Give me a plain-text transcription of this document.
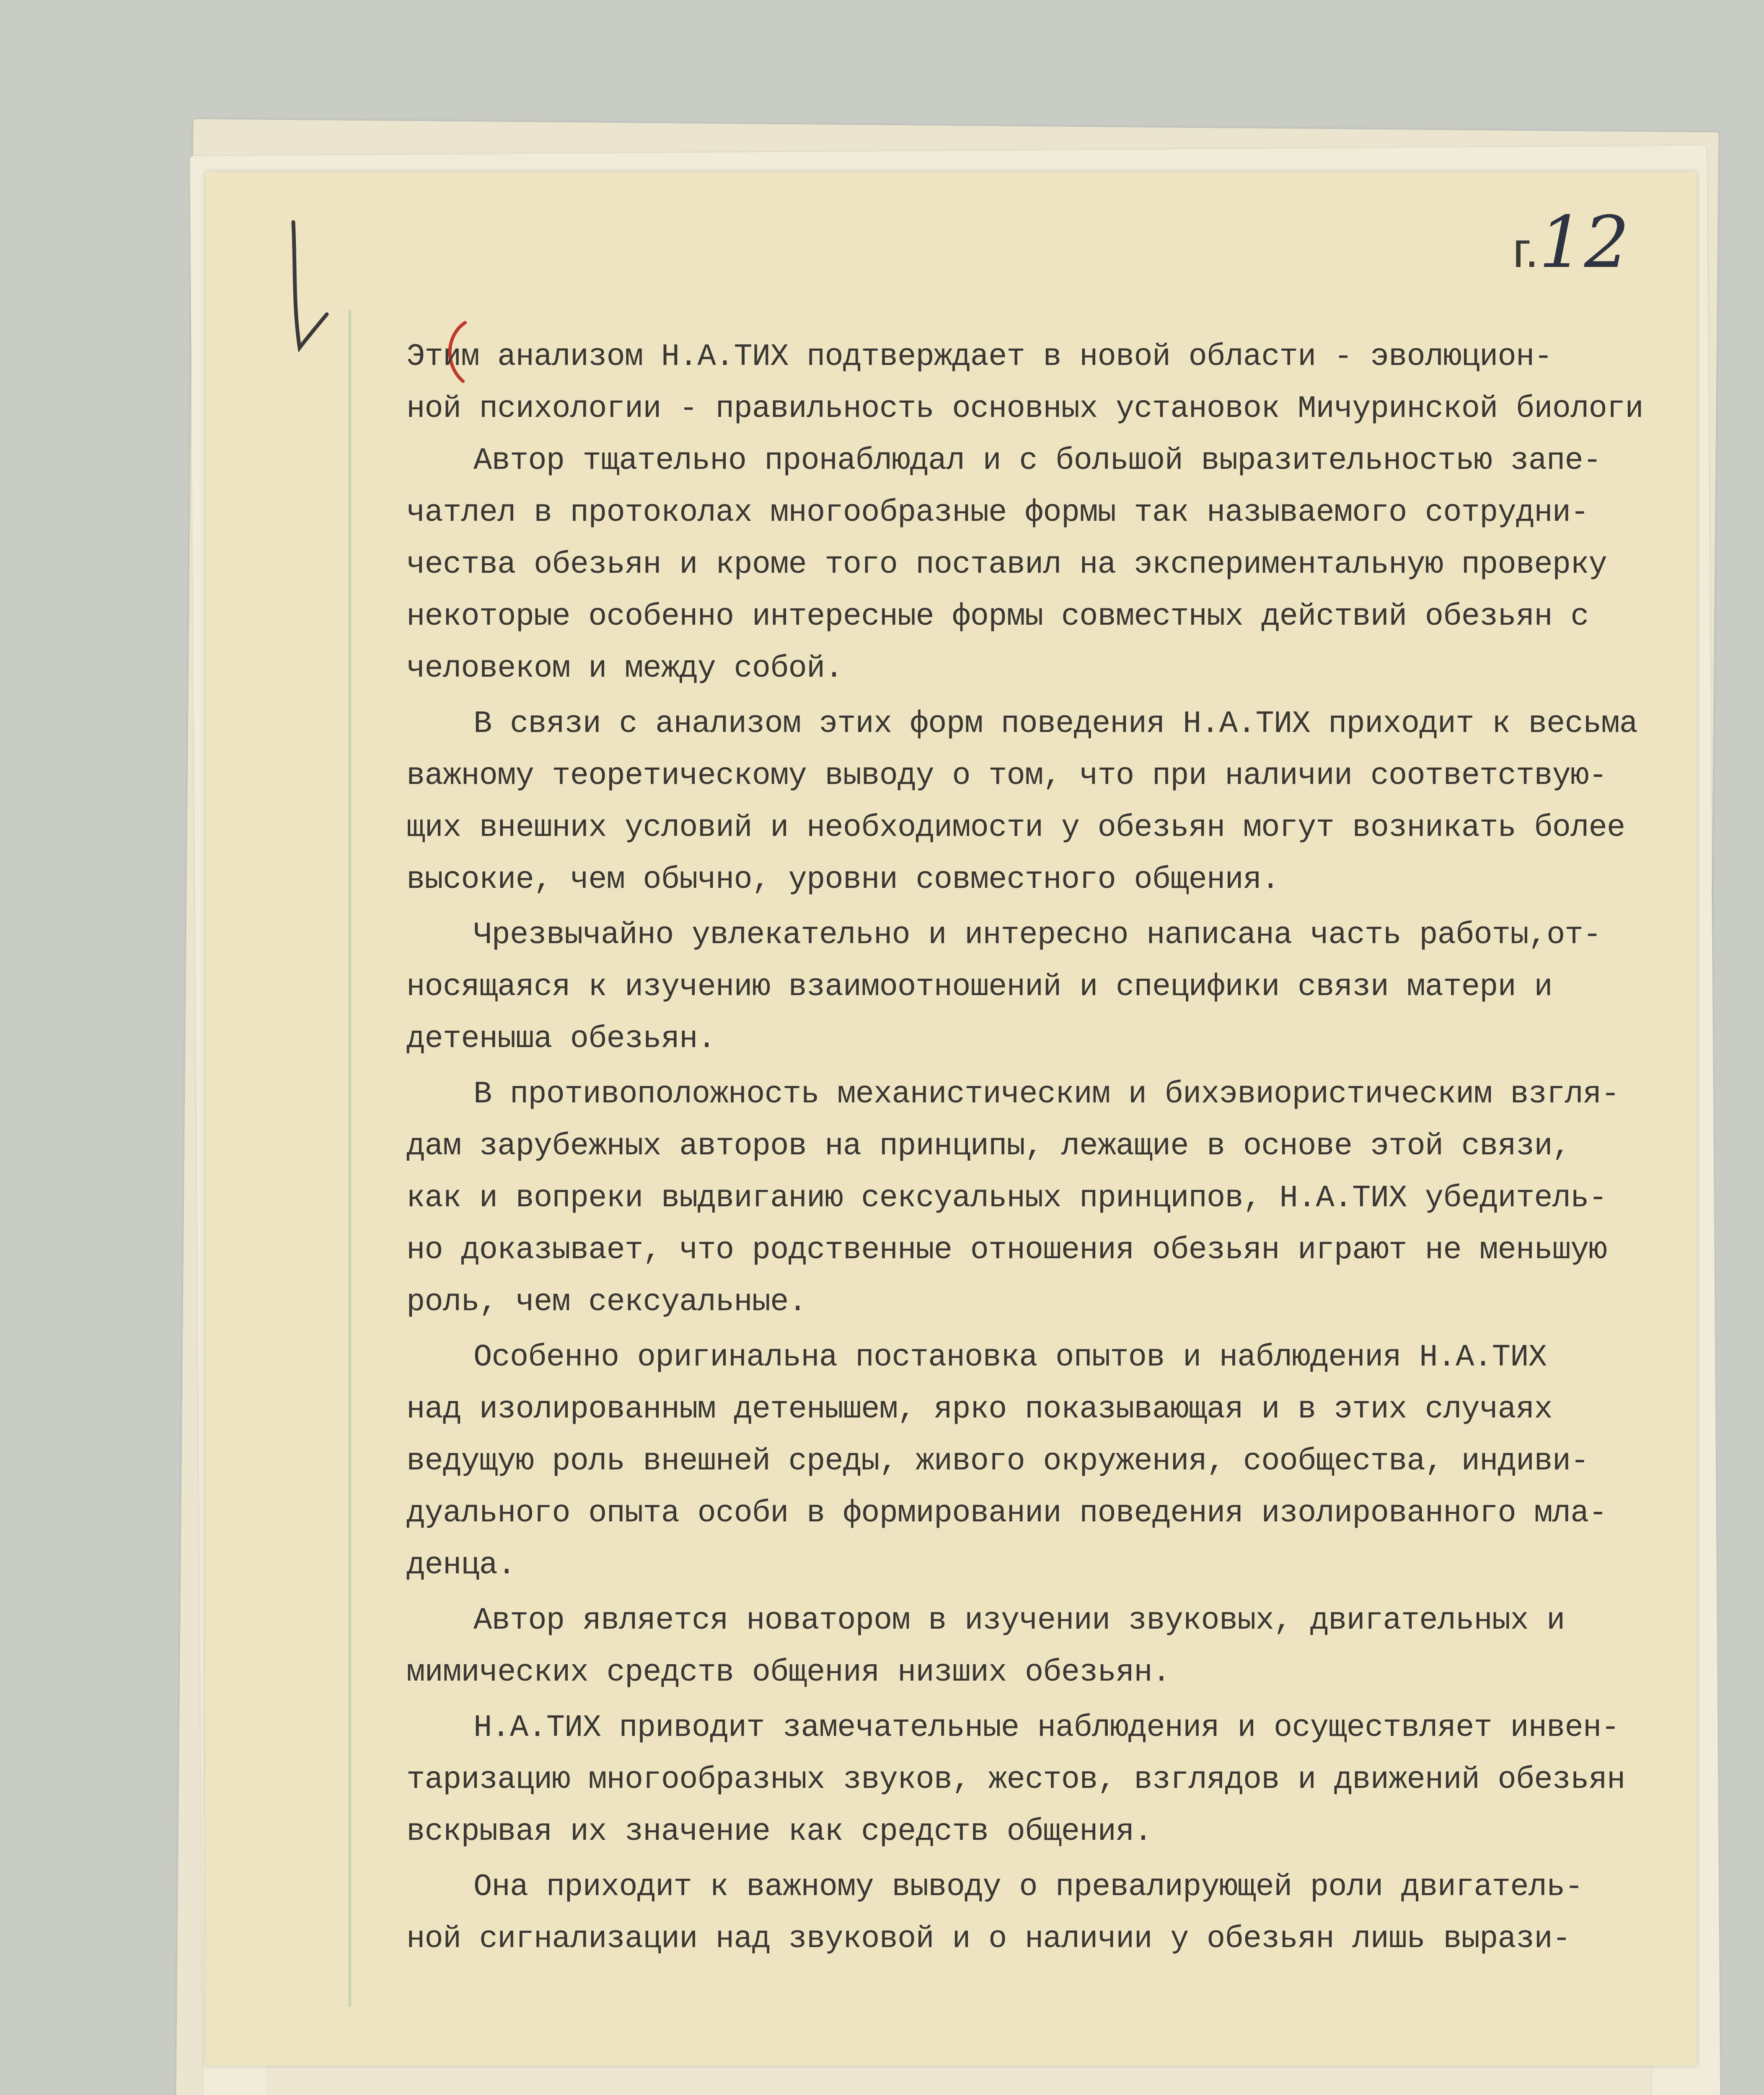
г.12
Этим анализом Н.А.ТИХ подтверждает в новой области - эволюцион-
ной психологии - правильность основных установок Мичуринской биологи
Автор тщательно пронаблюдал и с большой выразительностью запе-
чатлел в протоколах многообразные формы так называемого сотрудни-
чества обезьян и кроме того поставил на экспериментальную проверку
некоторые особенно интересные формы совместных действий обезьян с
человеком и между собой.
В связи с анализом этих форм поведения Н.А.ТИХ приходит к весьма
важному теоретическому выводу о том, что при наличии соответствую-
щих внешних условий и необходимости у обезьян могут возникать более
высокие, чем обычно, уровни совместного общения.
Чрезвычайно увлекательно и интересно написана часть работы,от-
носящаяся к изучению взаимоотношений и специфики связи матери и
детеныша обезьян.
В противоположность механистическим и бихэвиористическим взгля-
дам зарубежных авторов на принципы, лежащие в основе этой связи,
как и вопреки выдвиганию сексуальных принципов, Н.А.ТИХ убедитель-
но доказывает, что родственные отношения обезьян играют не меньшую
роль, чем сексуальные.
Особенно оригинальна постановка опытов и наблюдения Н.А.ТИХ
над изолированным детенышем, ярко показывающая и в этих случаях
ведущую роль внешней среды, живого окружения, сообщества, индиви-
дуального опыта особи в формировании поведения изолированного мла-
денца.
Автор является новатором в изучении звуковых, двигательных и
мимических средств общения низших обезьян.
Н.А.ТИХ приводит замечательные наблюдения и осуществляет инвен-
таризацию многообразных звуков, жестов, взглядов и движений обезьян
вскрывая их значение как средств общения.
Она приходит к важному выводу о превалирующей роли двигатель-
ной сигнализации над звуковой и о наличии у обезьян лишь вырази-
